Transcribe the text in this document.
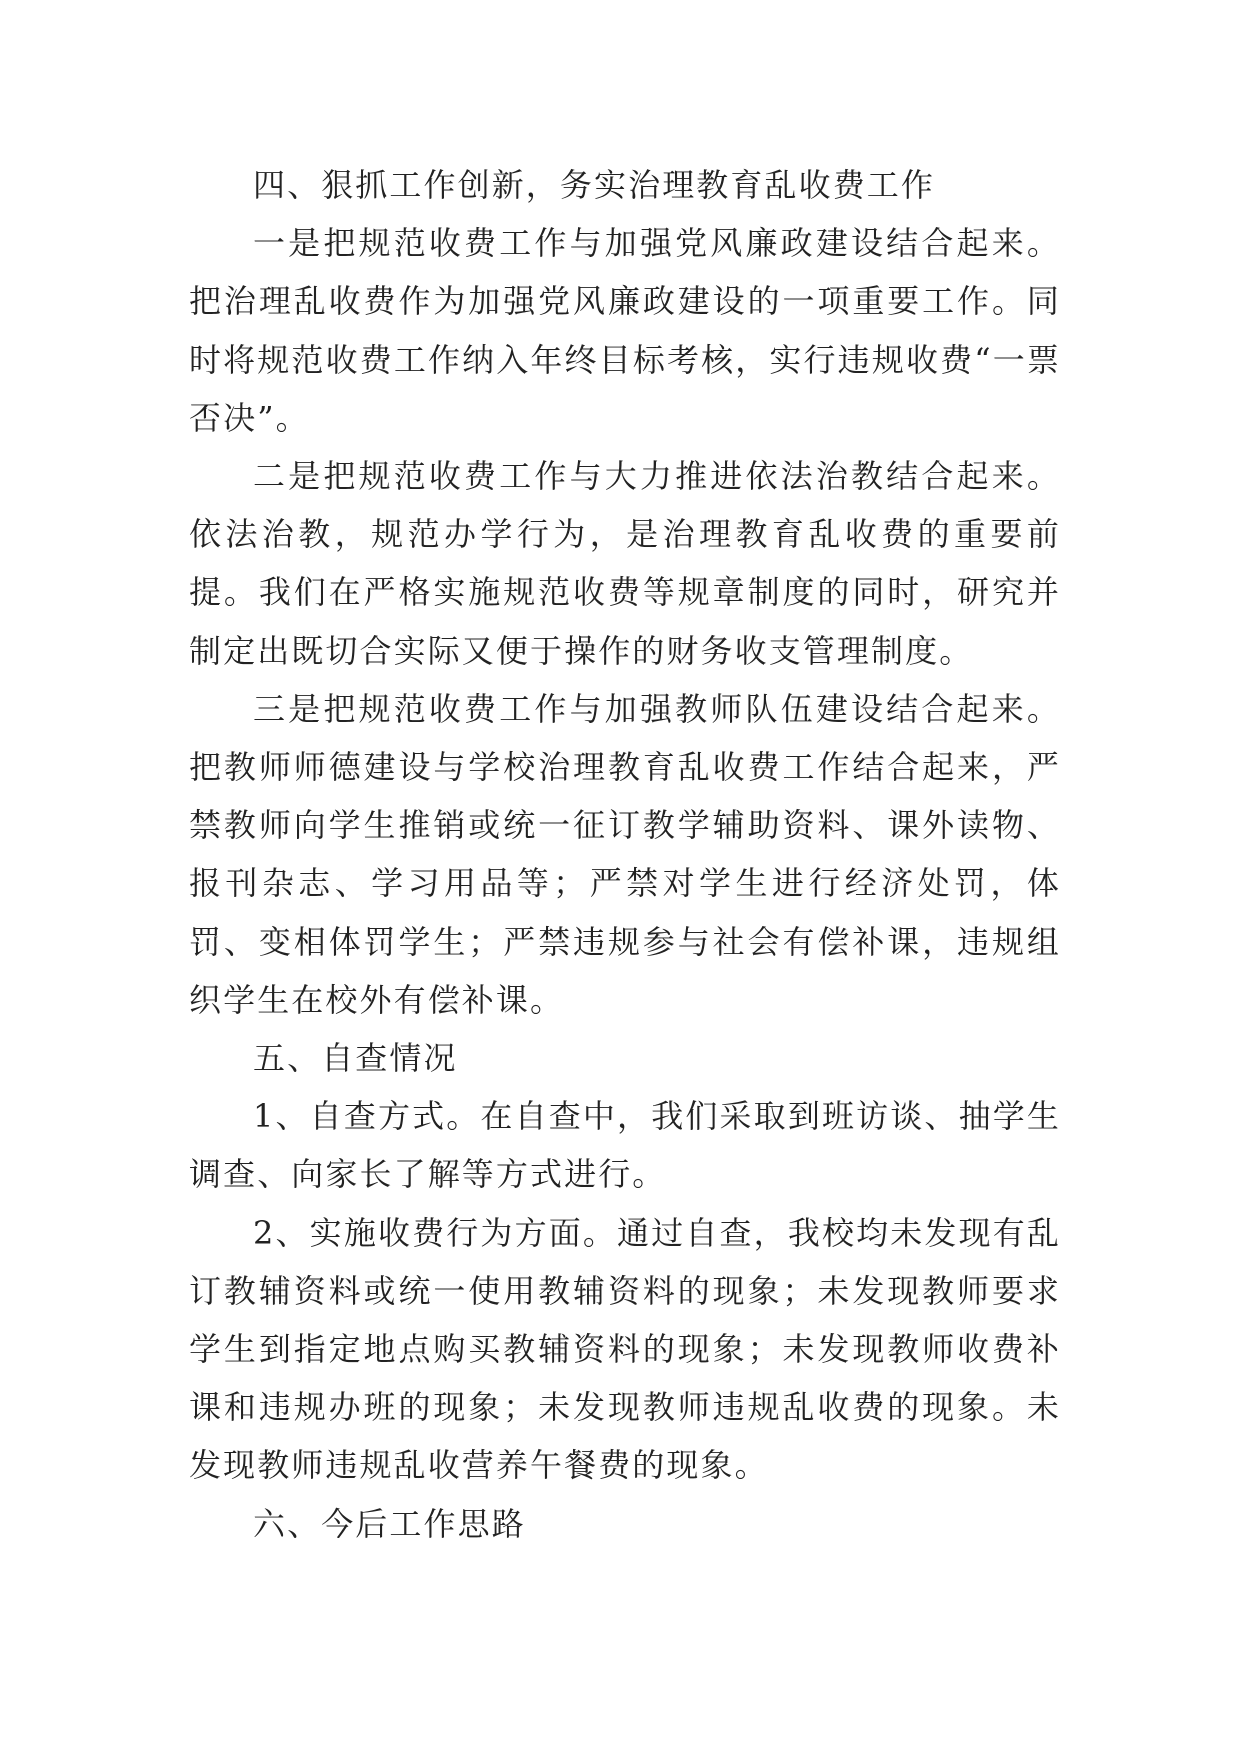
四、狠抓工作创新，务实治理教育乱收费工作

一是把规范收费工作与加强党风廉政建设结合起来。把治理乱收费作为加强党风廉政建设的一项重要工作。同时将规范收费工作纳入年终目标考核，实行违规收费“一票否决”。

二是把规范收费工作与大力推进依法治教结合起来。依法治教，规范办学行为，是治理教育乱收费的重要前提。我们在严格实施规范收费等规章制度的同时，研究并制定出既切合实际又便于操作的财务收支管理制度。

三是把规范收费工作与加强教师队伍建设结合起来。把教师师德建设与学校治理教育乱收费工作结合起来，严禁教师向学生推销或统一征订教学辅助资料、课外读物、报刊杂志、学习用品等；严禁对学生进行经济处罚，体罚、变相体罚学生；严禁违规参与社会有偿补课，违规组织学生在校外有偿补课。

五、自查情况

1、自查方式。在自查中，我们采取到班访谈、抽学生调查、向家长了解等方式进行。

2、实施收费行为方面。通过自查，我校均未发现有乱订教辅资料或统一使用教辅资料的现象；未发现教师要求学生到指定地点购买教辅资料的现象；未发现教师收费补课和违规办班的现象；未发现教师违规乱收费的现象。未发现教师违规乱收营养午餐费的现象。

六、今后工作思路
